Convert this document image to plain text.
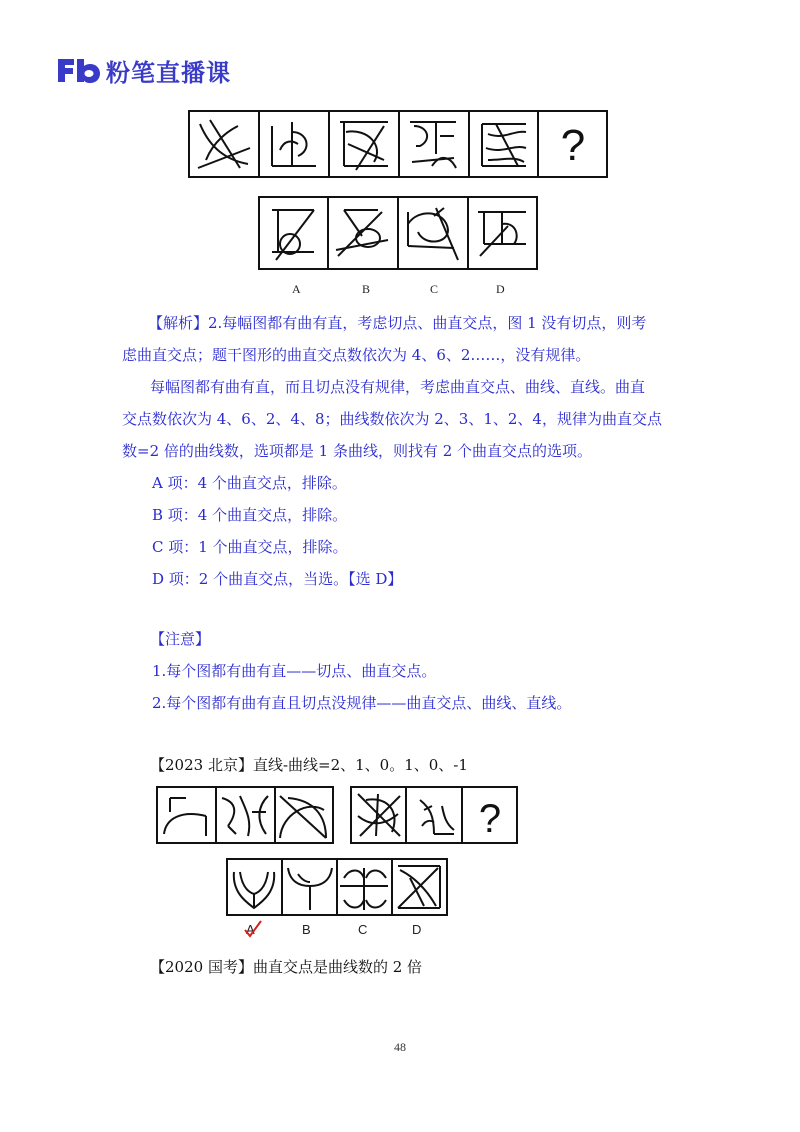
粉笔直播课
?
A	B	C	D
【解析】2.每幅图都有曲有直，考虑切点、曲直交点，图 1 没有切点，则考
虑曲直交点；题干图形的曲直交点数依次为 4、6、2……，没有规律。
每幅图都有曲有直，而且切点没有规律，考虑曲直交点、曲线、直线。曲直
交点数依次为 4、6、2、4、8；曲线数依次为 2、3、1、2、4，规律为曲直交点
数=2 倍的曲线数，选项都是 1 条曲线，则找有 2 个曲直交点的选项。
A 项：4 个曲直交点，排除。
B 项：4 个曲直交点，排除。
C 项：1 个曲直交点，排除。
D 项：2 个曲直交点，当选。【选 D】
【注意】
1.每个图都有曲有直——切点、曲直交点。
2.每个图都有曲有直且切点没规律——曲直交点、曲线、直线。
【2023 北京】直线-曲线=2、1、0。1、0、-1
?
A	B	C	D
【2020 国考】曲直交点是曲线数的 2 倍
48
